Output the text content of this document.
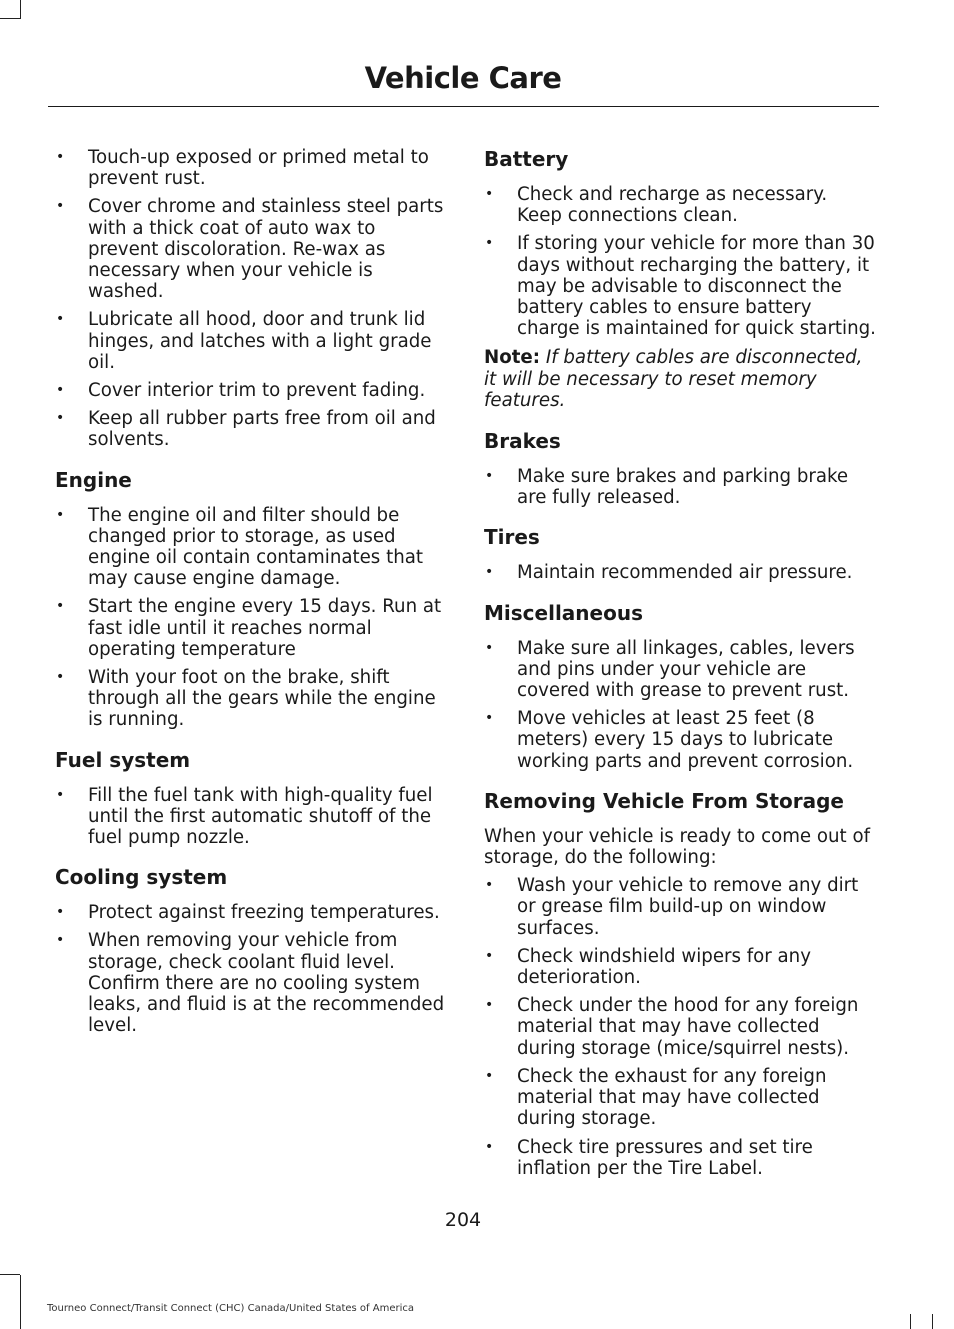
Vehicle Care
• Touch-up exposed or primed metal to prevent rust.
• Cover chrome and stainless steel parts with a thick coat of auto wax to prevent discoloration. Re-wax as necessary when your vehicle is washed.
• Lubricate all hood, door and trunk lid hinges, and latches with a light grade oil.
• Cover interior trim to prevent fading.
• Keep all rubber parts free from oil and solvents.
Engine
• The engine oil and filter should be changed prior to storage, as used engine oil contain contaminates that may cause engine damage.
• Start the engine every 15 days. Run at fast idle until it reaches normal operating temperature
• With your foot on the brake, shift through all the gears while the engine is running.
Fuel system
• Fill the fuel tank with high-quality fuel until the first automatic shutoff of the fuel pump nozzle.
Cooling system
• Protect against freezing temperatures.
• When removing your vehicle from storage, check coolant fluid level. Confirm there are no cooling system leaks, and fluid is at the recommended level.
Battery
• Check and recharge as necessary. Keep connections clean.
• If storing your vehicle for more than 30 days without recharging the battery, it may be advisable to disconnect the battery cables to ensure battery charge is maintained for quick starting.

Note: If battery cables are disconnected, it will be necessary to reset memory features.

Brakes
• Make sure brakes and parking brake are fully released.
Tires
• Maintain recommended air pressure.
Miscellaneous
• Make sure all linkages, cables, levers and pins under your vehicle are covered with grease to prevent rust.
• Move vehicles at least 25 feet (8 meters) every 15 days to lubricate working parts and prevent corrosion.
Removing Vehicle From Storage

When your vehicle is ready to come out of storage, do the following:

• Wash your vehicle to remove any dirt or grease film build-up on window surfaces.
• Check windshield wipers for any deterioration.
• Check under the hood for any foreign material that may have collected during storage (mice/squirrel nests).
• Check the exhaust for any foreign material that may have collected during storage.
• Check tire pressures and set tire inflation per the Tire Label.
204
Tourneo Connect/Transit Connect (CHC) Canada/United States of America
